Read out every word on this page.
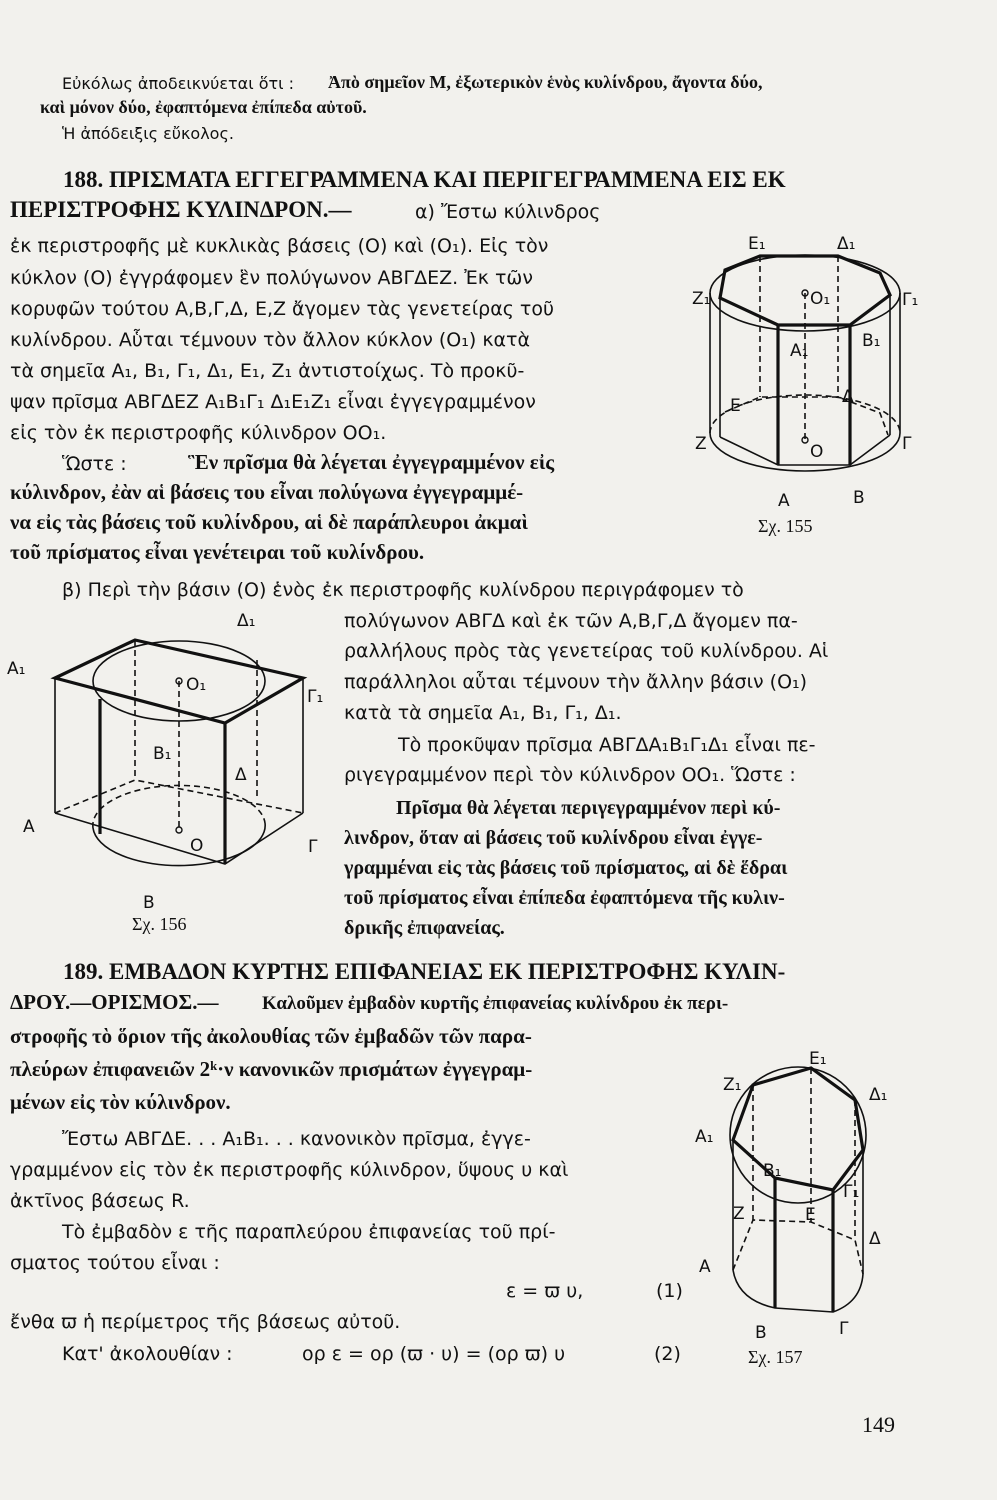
Εὐκόλως ἀποδεικνύεται ὅτι : Ἀπὸ σημεῖον Μ, ἐξωτερικὸν ἑνὸς κυλίνδρου, ἄγοντα δύο,
καὶ μόνον δύο, ἐφαπτόμενα ἐπίπεδα αὐτοῦ.
Ἡ ἀπόδειξις εὔκολος.
188. ΠΡΙΣΜΑΤΑ ΕΓΓΕΓΡΑΜΜΕΝΑ ΚΑΙ ΠΕΡΙΓΕΓΡΑΜΜΕΝΑ ΕΙΣ ΕΚ
ΠΕΡΙΣΤΡΟΦΗΣ ΚΥΛΙΝΔΡΟΝ.—	α) Ἔστω κύλινδρος
ἐκ περιστροφῆς μὲ κυκλικὰς βάσεις (Ο) καὶ (Ο₁). Εἰς τὸν
κύκλον (Ο) ἐγγράφομεν ἓν πολύγωνον ΑΒΓΔΕΖ. Ἐκ τῶν
κορυφῶν τούτου Α,Β,Γ,Δ, Ε,Ζ ἄγομεν τὰς γενετείρας τοῦ
κυλίνδρου. Αὗται τέμνουν τὸν ἄλλον κύκλον (Ο₁) κατὰ
τὰ σημεῖα Α₁, Β₁, Γ₁, Δ₁, Ε₁, Ζ₁ ἀντιστοίχως. Τὸ προκῦ-
ψαν πρῖσμα ΑΒΓΔΕΖ Α₁Β₁Γ₁ Δ₁Ε₁Ζ₁ εἶναι ἐγγεγραμμένον
εἰς τὸν ἐκ περιστροφῆς κύλινδρον ΟΟ₁.
Ὥστε :	Ἓν πρῖσμα θὰ λέγεται ἐγγεγραμμένον εἰς
κύλινδρον, ἐὰν αἱ βάσεις του εἶναι πολύγωνα ἐγγεγραμμέ-
να εἰς τὰς βάσεις τοῦ κυλίνδρου, αἱ δὲ παράπλευροι ἀκμαὶ
τοῦ πρίσματος εἶναι γενέτειραι τοῦ κυλίνδρου.
β) Περὶ τὴν βάσιν (Ο) ἑνὸς ἐκ περιστροφῆς κυλίνδρου περιγράφομεν τὸ
πολύγωνον ΑΒΓΔ καὶ ἐκ τῶν Α,Β,Γ,Δ ἄγομεν πα-
ραλλήλους πρὸς τὰς γενετείρας τοῦ κυλίνδρου. Αἱ
παράλληλοι αὗται τέμνουν τὴν ἄλλην βάσιν (Ο₁)
κατὰ τὰ σημεῖα Α₁, Β₁, Γ₁, Δ₁.
Τὸ προκῦψαν πρῖσμα ΑΒΓΔΑ₁Β₁Γ₁Δ₁ εἶναι πε-
ριγεγραμμένον περὶ τὸν κύλινδρον ΟΟ₁. Ὥστε :
Πρῖσμα θὰ λέγεται περιγεγραμμένον περὶ κύ-
λινδρον, ὅταν αἱ βάσεις τοῦ κυλίνδρου εἶναι ἐγγε-
γραμμέναι εἰς τὰς βάσεις τοῦ πρίσματος, αἱ δὲ ἕδραι
τοῦ πρίσματος εἶναι ἐπίπεδα ἐφαπτόμενα τῆς κυλιν-
δρικῆς ἐπιφανείας.
189. ΕΜΒΑΔΟΝ ΚΥΡΤΗΣ ΕΠΙΦΑΝΕΙΑΣ ΕΚ ΠΕΡΙΣΤΡΟΦΗΣ ΚΥΛΙΝ-
ΔΡΟΥ.—ΟΡΙΣΜΟΣ.— Καλοῦμεν ἐμβαδὸν κυρτῆς ἐπιφανείας κυλίνδρου ἐκ περι-
στροφῆς τὸ ὅριον τῆς ἀκολουθίας τῶν ἐμβαδῶν τῶν παρα-
πλεύρων ἐπιφανειῶν 2ᵏ·ν κανονικῶν πρισμάτων ἐγγεγραμ-
μένων εἰς τὸν κύλινδρον.
Ἔστω ΑΒΓΔΕ. . . Α₁Β₁. . . κανονικὸν πρῖσμα, ἐγγε-
γραμμένον εἰς τὸν ἐκ περιστροφῆς κύλινδρον, ὕψους υ καὶ
ἀκτῖνος βάσεως R.
Τὸ ἐμβαδὸν ε τῆς παραπλεύρου ἐπιφανείας τοῦ πρί-
σματος τούτου εἶναι :
ε = ϖ υ,	(1)
ἔνθα ϖ ἡ περίμετρος τῆς βάσεως αὐτοῦ.
Κατ' ἀκολουθίαν :	ορ ε = ορ (ϖ · υ) = (ορ ϖ) υ	(2)
Ε₁	Δ₁
Ζ₁	Ο₁	Γ₁
Α₁	Β₁
Ε	Δ
Ζ	Ο	Γ
Α	Β
Σχ. 155
Δ₁
Α₁
Ο₁
Γ₁
Β₁
Δ
Α
Ο	Γ
Β
Σχ. 156
Ε₁
Ζ₁	Δ₁
Α₁
Β₁
Γ₁
Ζ	Ε
Δ
Α
Β	Γ
Σχ. 157
149
